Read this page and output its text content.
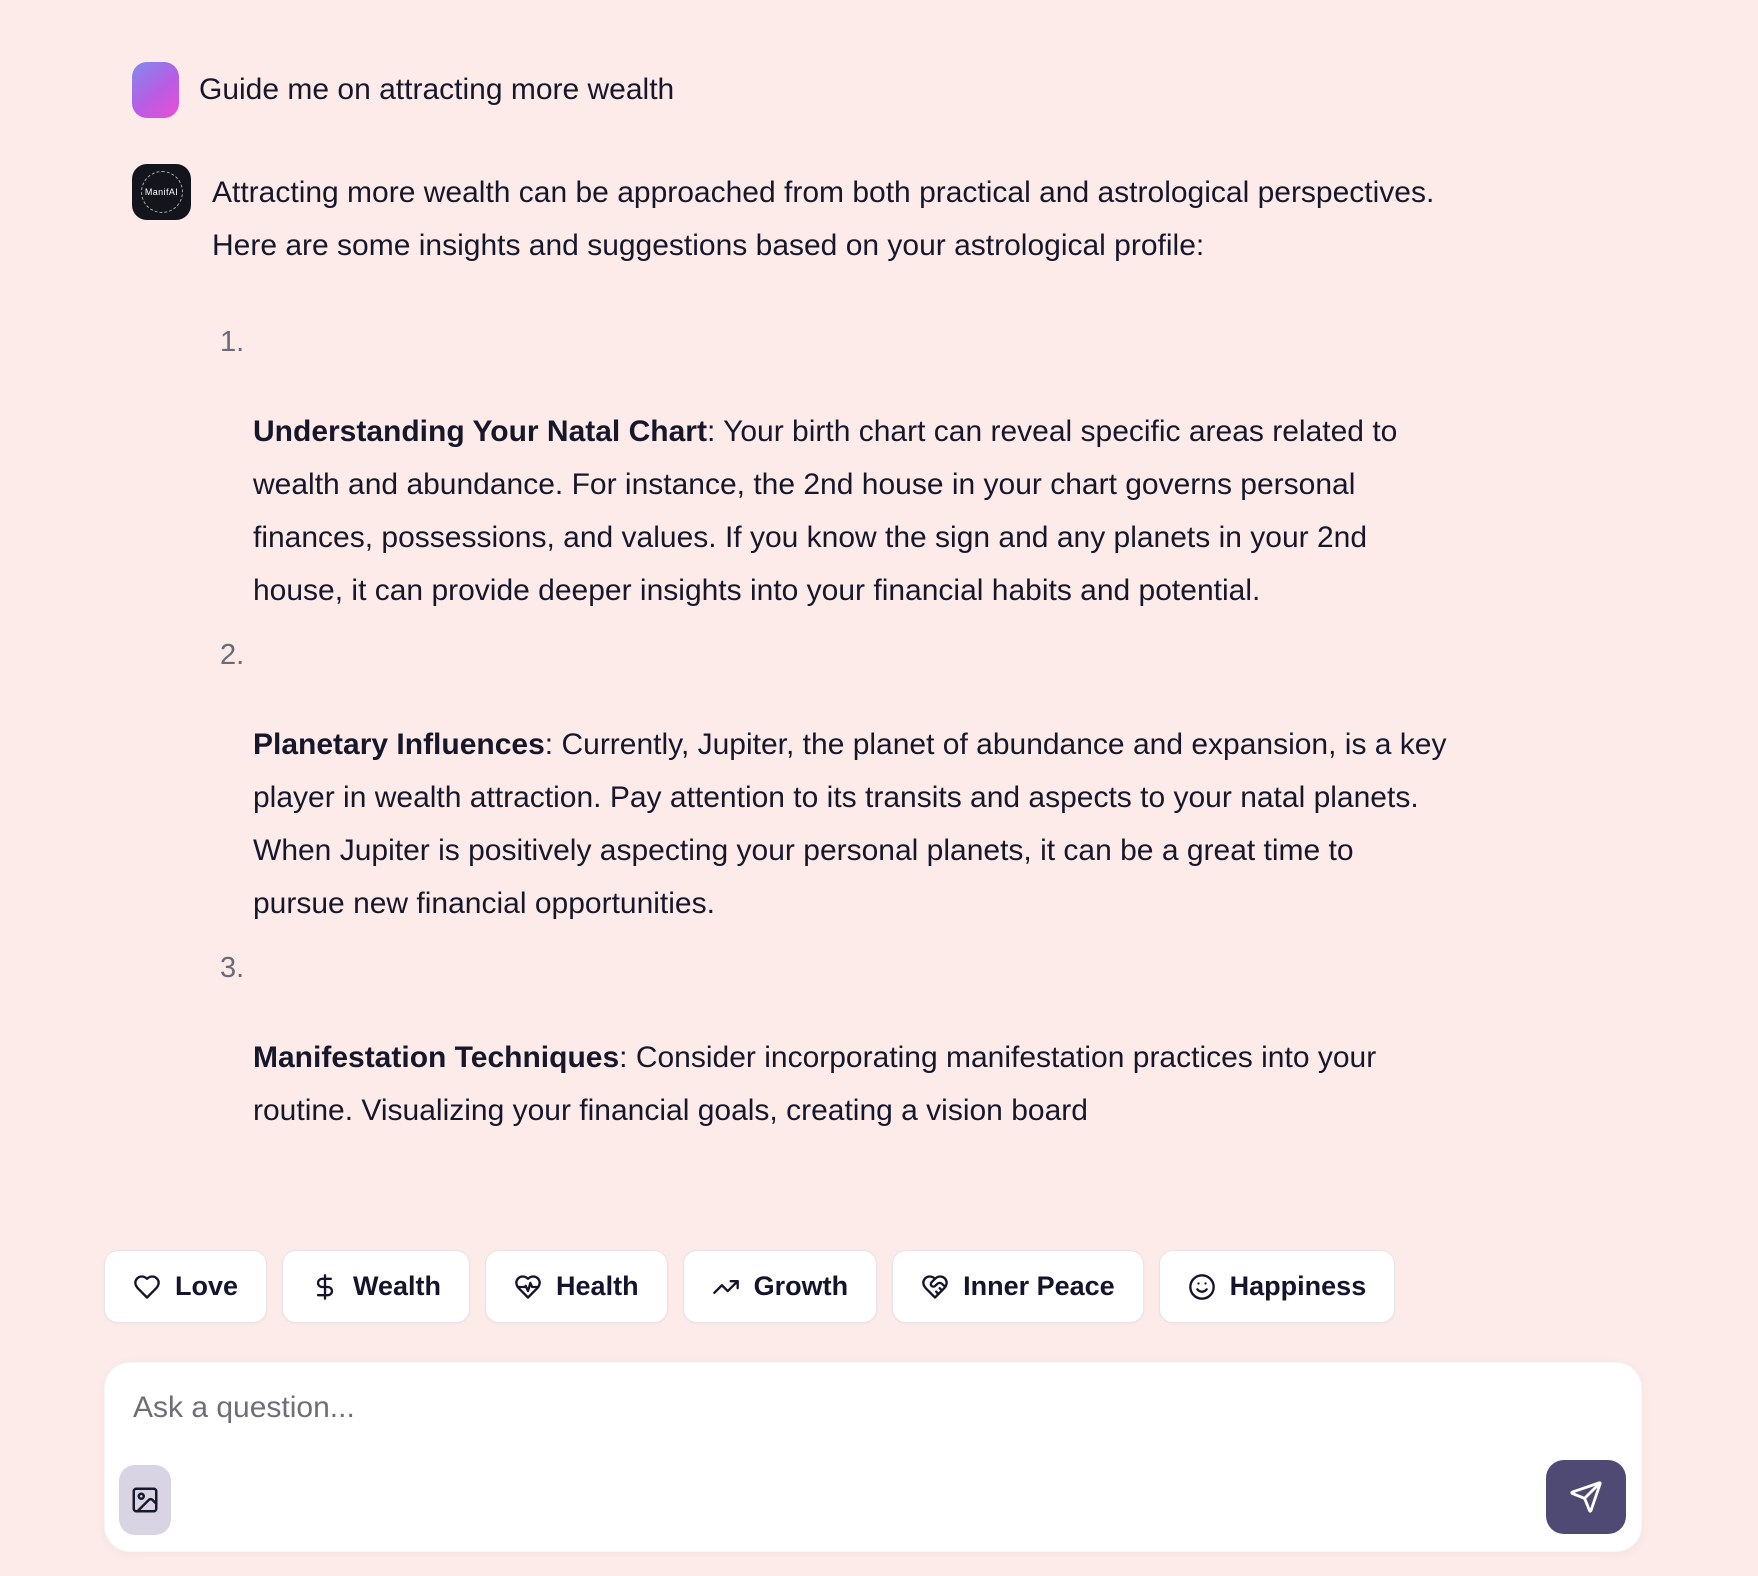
Guide me on attracting more wealth
ManifAI Attracting more wealth can be approached from both practical and astrological perspectives. Here are some insights and suggestions based on your astrological profile:

1.

Understanding Your Natal Chart: Your birth chart can reveal specific areas related to wealth and abundance. For instance, the 2nd house in your chart governs personal finances, possessions, and values. If you know the sign and any planets in your 2nd house, it can provide deeper insights into your financial habits and potential.

2.

Planetary Influences: Currently, Jupiter, the planet of abundance and expansion, is a key player in wealth attraction. Pay attention to its transits and aspects to your natal planets. When Jupiter is positively aspecting your personal planets, it can be a great time to pursue new financial opportunities.

3.

Manifestation Techniques: Consider incorporating manifestation practices into your routine. Visualizing your financial goals, creating a vision board

Love	Wealth	Health	Growth	Inner Peace	Happiness
Ask a question...
